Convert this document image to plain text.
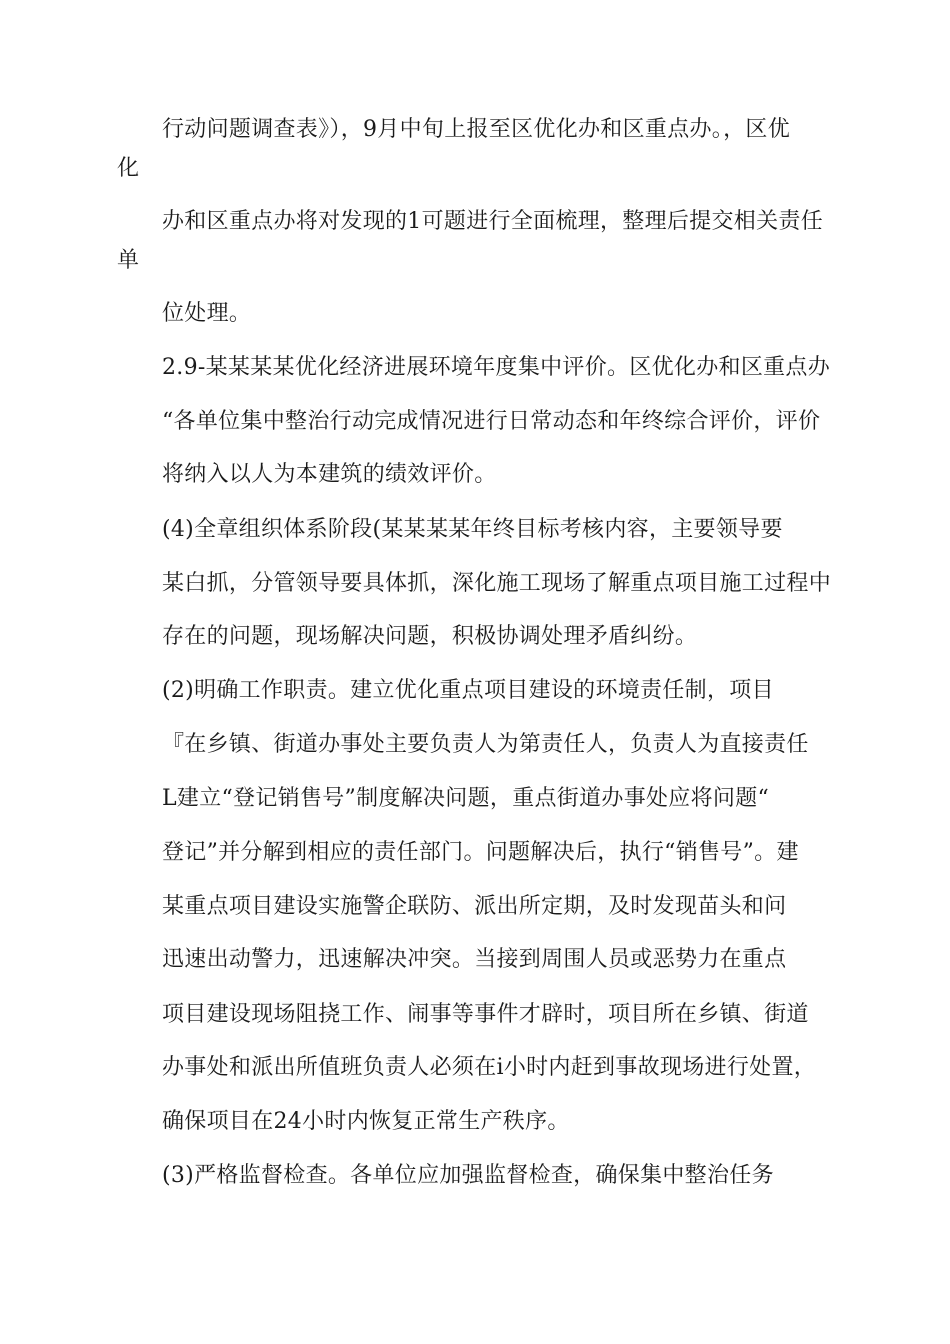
行动问题调查表》），9月中旬上报至区优化办和区重点办。，区优
化
办和区重点办将对发现的1可题进行全面梳理，整理后提交相关责任
单
位处理。
2.9-某某某某优化经济进展环境年度集中评价。区优化办和区重点办
“各单位集中整治行动完成情况进行日常动态和年终综合评价，评价
将纳入以人为本建筑的绩效评价。
(4)全章组织体系阶段(某某某某年终目标考核内容，主要领导要
某白抓，分管领导要具体抓，深化施工现场了解重点项目施工过程中
存在的问题，现场解决问题，积极协调处理矛盾纠纷。
(2)明确工作职责。建立优化重点项目建设的环境责任制，项目
『在乡镇、街道办事处主要负责人为第责任人，负责人为直接责任
L建立“登记销售号”制度解决问题，重点街道办事处应将问题“
登记”并分解到相应的责任部门。问题解决后，执行“销售号”。建
某重点项目建设实施警企联防、派出所定期，及时发现苗头和问
迅速出动警力，迅速解决冲突。当接到周围人员或恶势力在重点
项目建设现场阻挠工作、闹事等事件才辟时，项目所在乡镇、街道
办事处和派出所值班负责人必须在i小时内赶到事故现场进行处置，
确保项目在24小时内恢复正常生产秩序。
(3)严格监督检查。各单位应加强监督检查，确保集中整治任务
